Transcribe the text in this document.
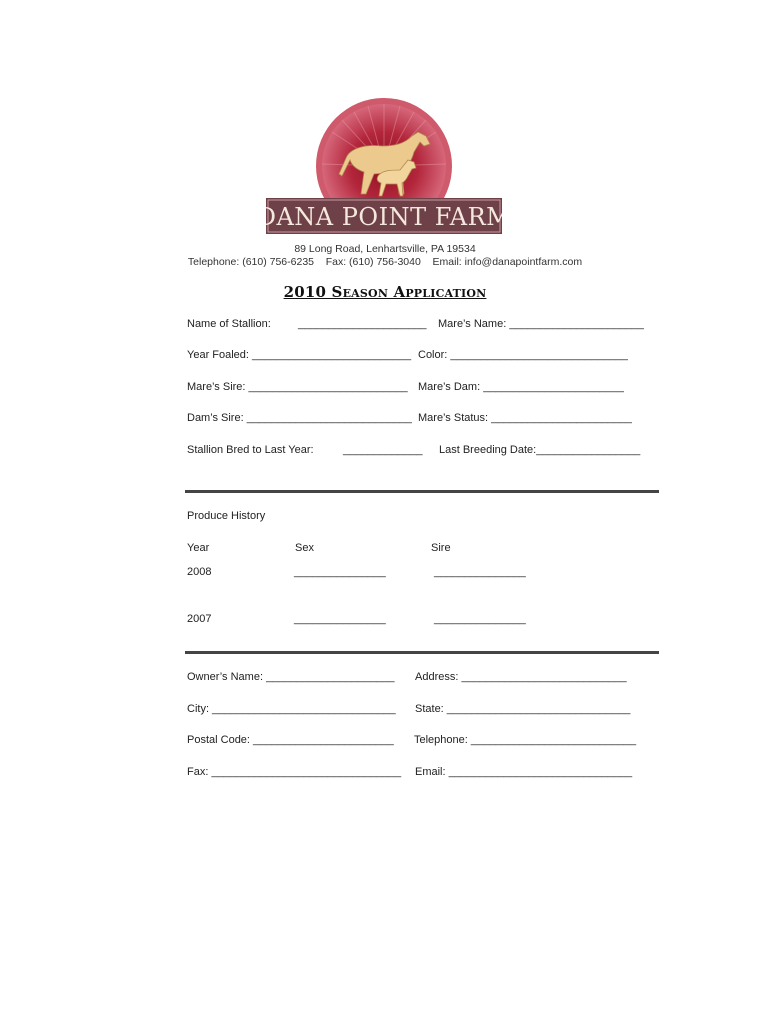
DANA POINT FARM
89 Long Road, Lenhartsville, PA 19534
Telephone: (610) 756-6235 Fax: (610) 756-3040 Email: info@danapointfarm.com
2010 Season Application
Name of Stallion: _____________________ Mare’s Name: ______________________
Year Foaled: __________________________ Color: _____________________________
Mare’s Sire: __________________________ Mare’s Dam: _______________________
Dam’s Sire: ___________________________ Mare’s Status: _______________________
Stallion Bred to Last Year:	_____________ Last Breeding Date:_________________
Produce History
Year	Sex	Sire
2008	_______________	_______________
2007	_______________	_______________
Owner’s Name: _____________________ Address: ___________________________
City: ______________________________ State: ______________________________
Postal Code: _______________________ Telephone: ___________________________
Fax: _______________________________ Email: ______________________________
